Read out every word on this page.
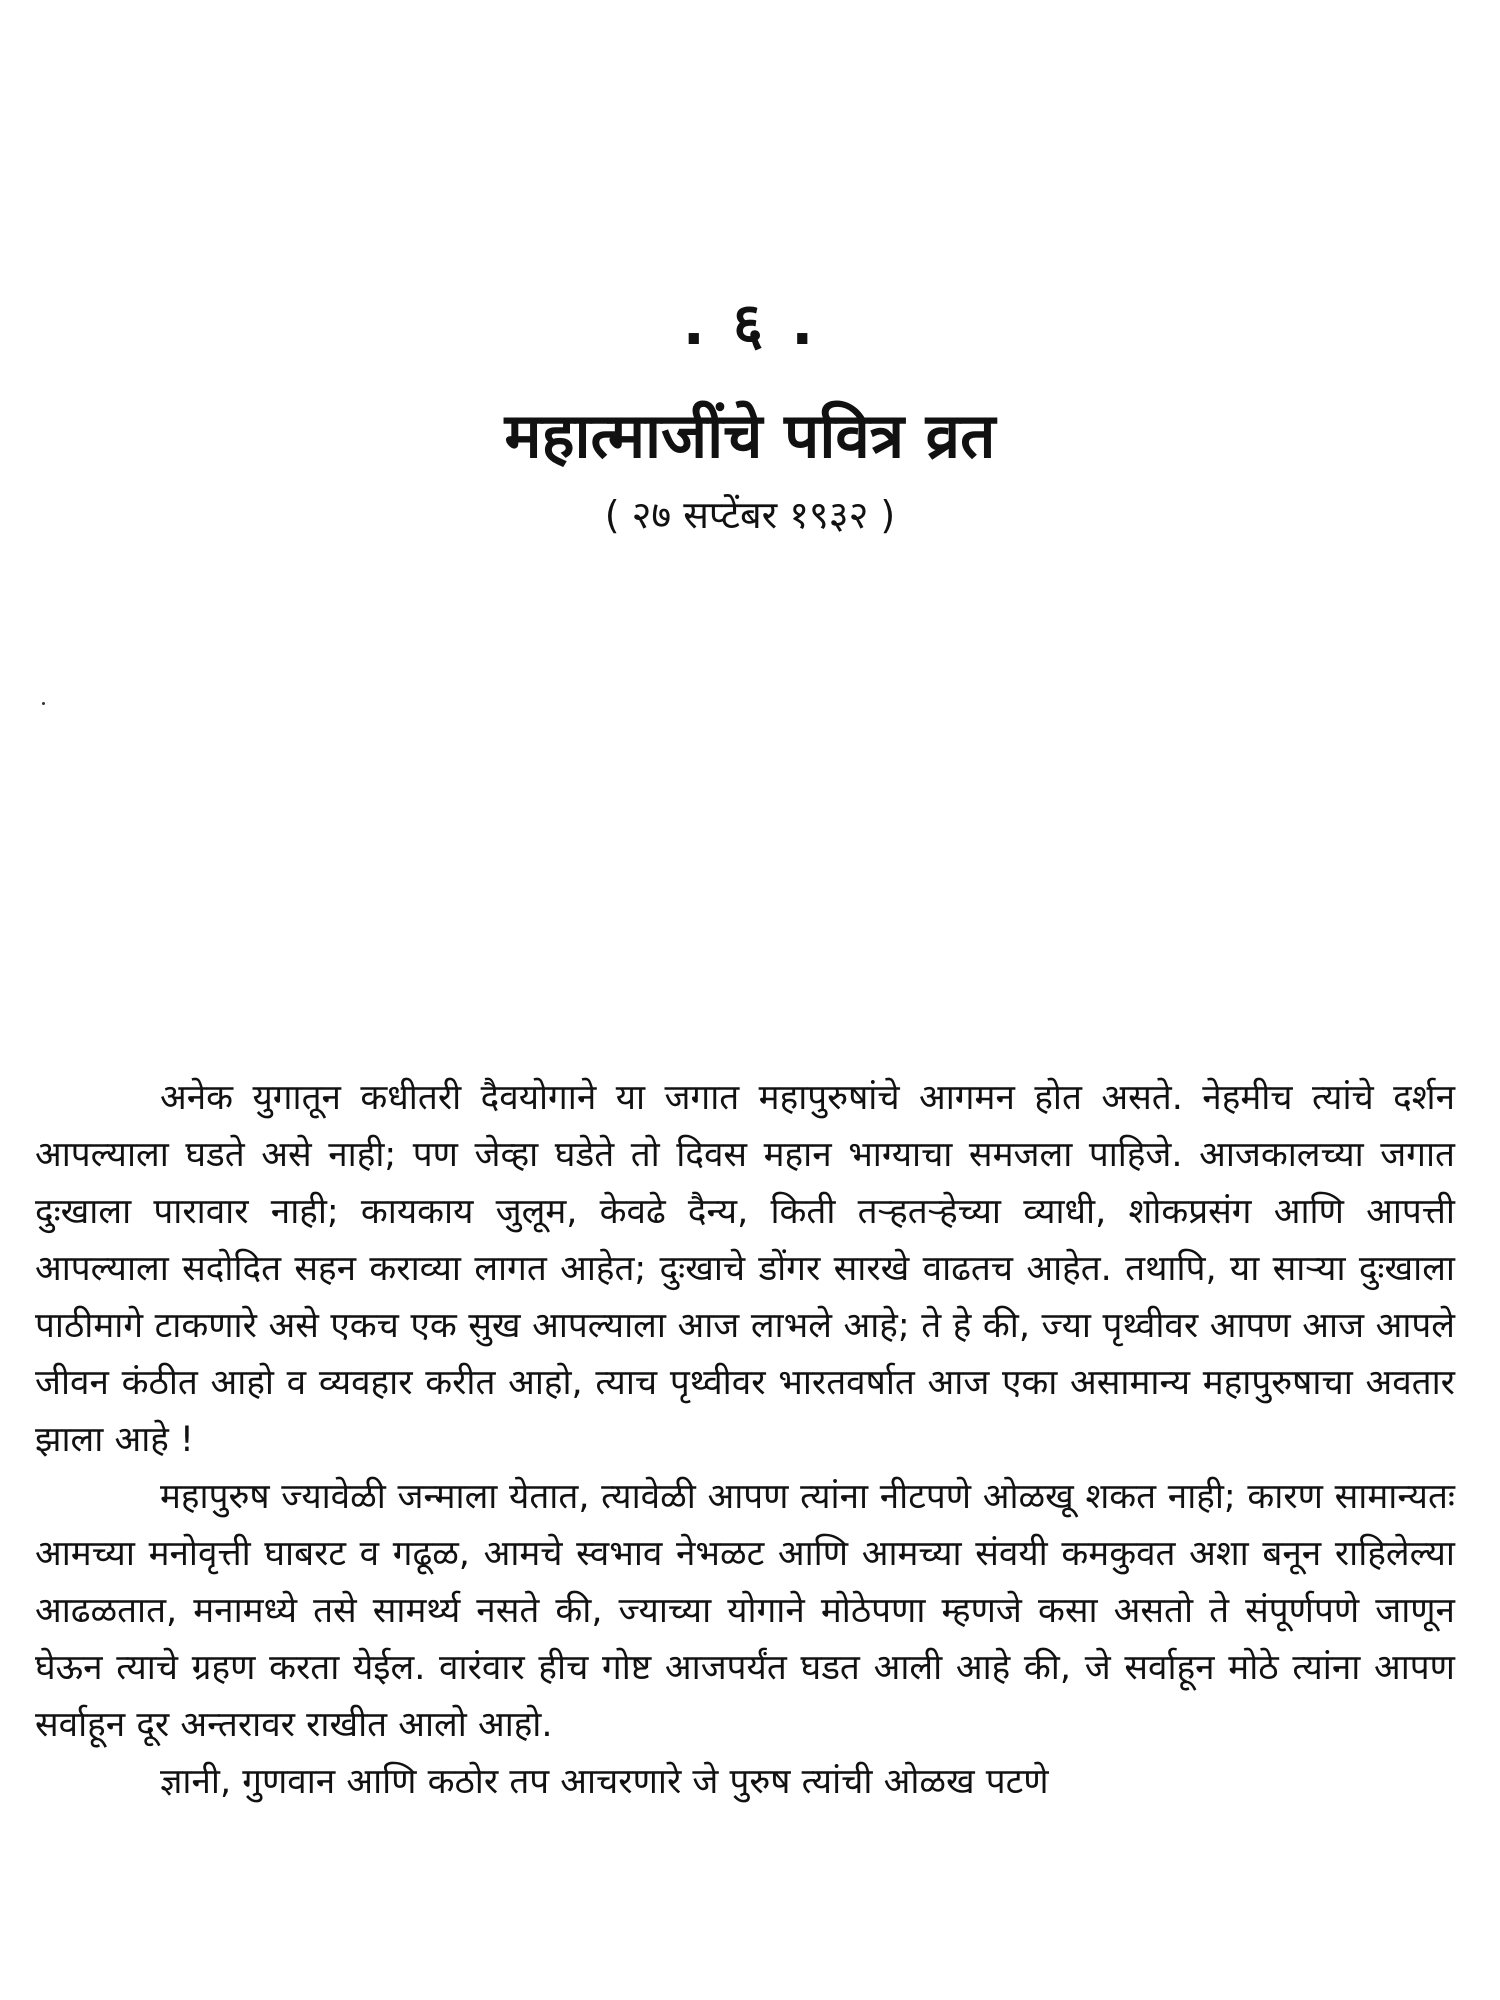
. ६ .
महात्माजींचे पवित्र व्रत
( २७ सप्टेंबर १९३२ )

अनेक युगातून कधीतरी दैवयोगाने या जगात महापुरुषांचे आगमन होत असते. नेहमीच त्यांचे दर्शन आपल्याला घडते असे नाही; पण जेव्हा घडेते तो दिवस महान भाग्याचा समजला पाहिजे. आजकालच्या जगात दुःखाला पारावार नाही; कायकाय जुलूम, केवढे दैन्य, किती तऱ्हतऱ्हेच्या व्याधी, शोकप्रसंग आणि आपत्ती आपल्याला सदोदित सहन कराव्या लागत आहेत; दुःखाचे डोंगर सारखे वाढतच आहेत. तथापि, या साऱ्या दुःखाला पाठीमागे टाकणारे असे एकच एक सुख आपल्याला आज लाभले आहे; ते हे की, ज्या पृथ्वीवर आपण आज आपले जीवन कंठीत आहो व व्यवहार करीत आहो, त्याच पृथ्वीवर भारतवर्षात आज एका असामान्य महापुरुषाचा अवतार झाला आहे !

महापुरुष ज्यावेळी जन्माला येतात, त्यावेळी आपण त्यांना नीटपणे ओळखू शकत नाही; कारण सामान्यतः आमच्या मनोवृत्ती घाबरट व गढूळ, आमचे स्वभाव नेभळट आणि आमच्या संवयी कमकुवत अशा बनून राहिलेल्या आढळतात, मनामध्ये तसे सामर्थ्य नसते की, ज्याच्या योगाने मोठेपणा म्हणजे कसा असतो ते संपूर्णपणे जाणून घेऊन त्याचे ग्रहण करता येईल. वारंवार हीच गोष्ट आजपर्यंत घडत आली आहे की, जे सर्वाहून मोठे त्यांना आपण सर्वाहून दूर अन्तरावर राखीत आलो आहो.

ज्ञानी, गुणवान आणि कठोर तप आचरणारे जे पुरुष त्यांची ओळख पटणे
